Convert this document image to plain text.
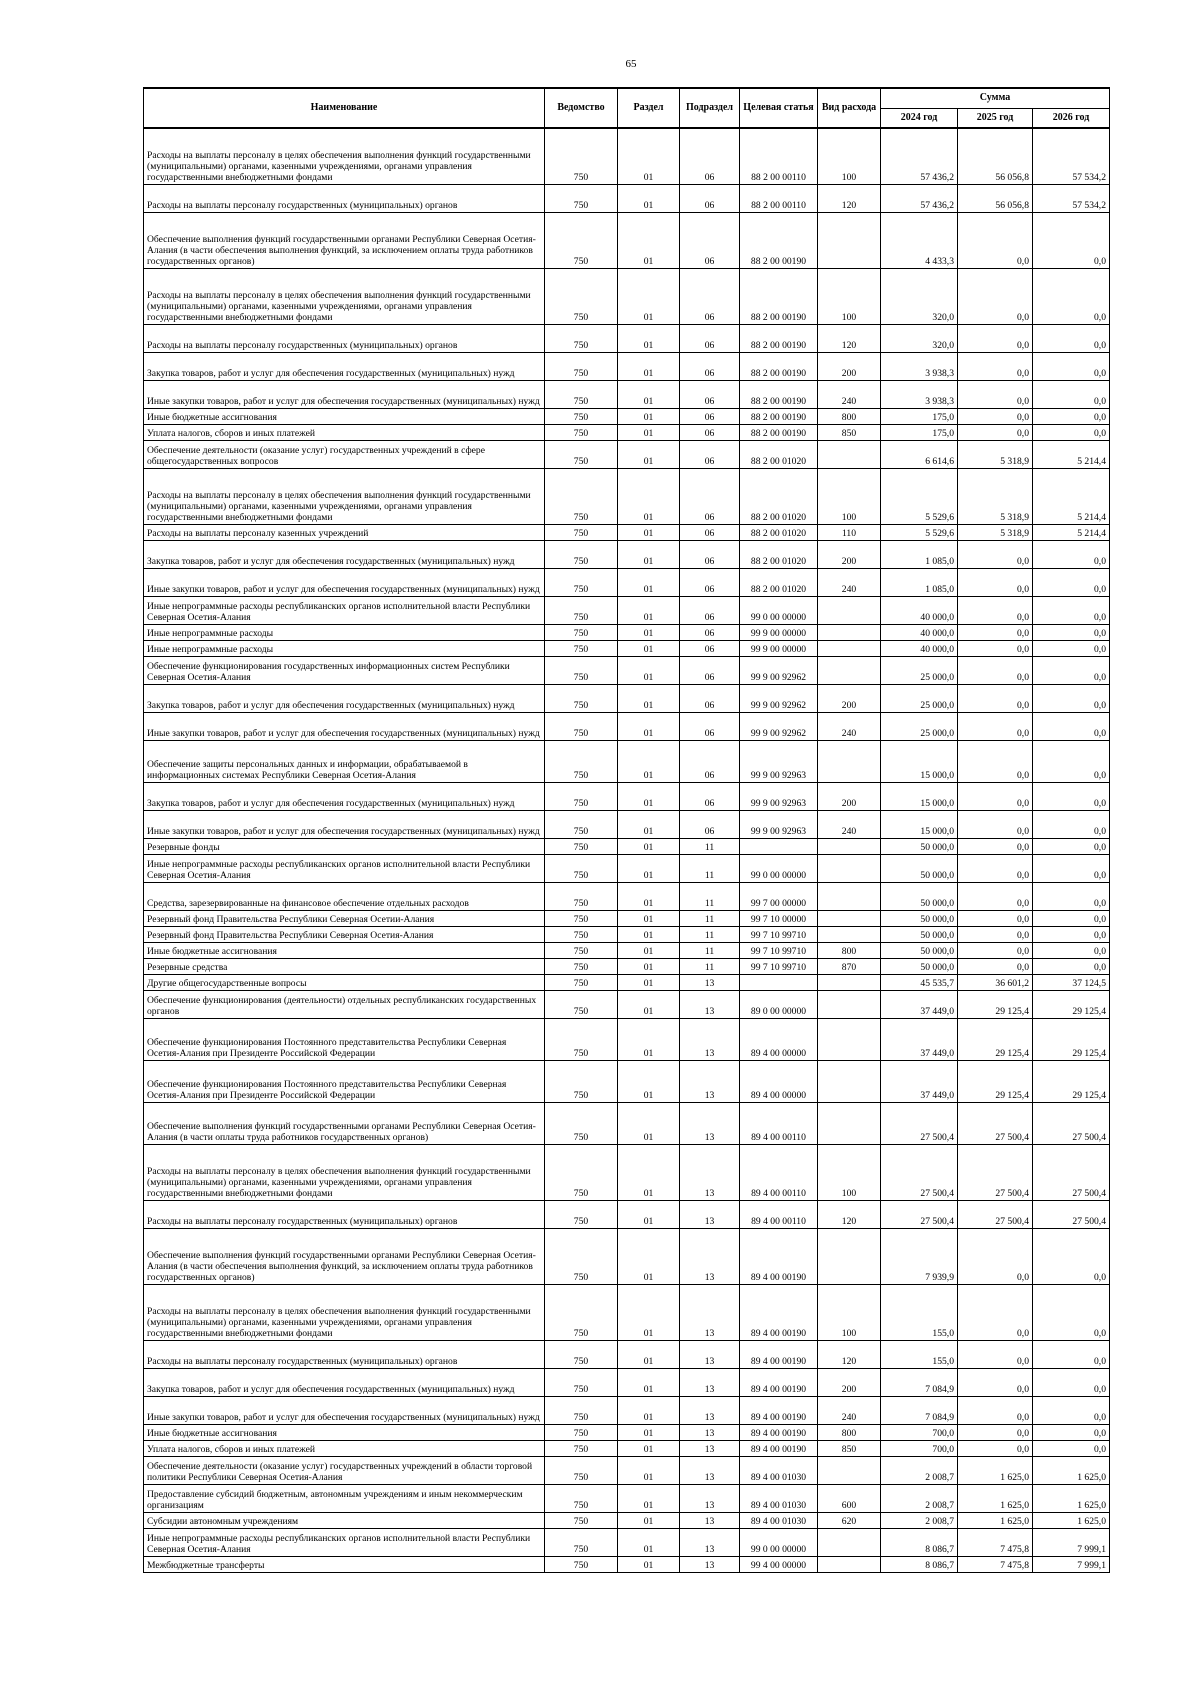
65
Наименование	Ведомство	Раздел	Подраздел	Целевая статья	Вид расхода	Сумма		
						2024 год	2025 год	2026 год
Расходы на выплаты персоналу в целях обеспечения выполнения функций государственными (муниципальными) органами, казенными учреждениями, органами управления государственными внебюджетными фондами	750	01	06	88 2 00 00110	100	57 436,2	56 056,8	57 534,2
Расходы на выплаты персоналу государственных (муниципальных) органов	750	01	06	88 2 00 00110	120	57 436,2	56 056,8	57 534,2
Обеспечение выполнения функций государственными органами Республики Северная Осетия-Алания (в части обеспечения выполнения функций, за исключением оплаты труда работников государственных органов)	750	01	06	88 2 00 00190		4 433,3	0,0	0,0
Расходы на выплаты персоналу в целях обеспечения выполнения функций государственными (муниципальными) органами, казенными учреждениями, органами управления государственными внебюджетными фондами	750	01	06	88 2 00 00190	100	320,0	0,0	0,0
Расходы на выплаты персоналу государственных (муниципальных) органов	750	01	06	88 2 00 00190	120	320,0	0,0	0,0
Закупка товаров, работ и услуг для обеспечения государственных (муниципальных) нужд	750	01	06	88 2 00 00190	200	3 938,3	0,0	0,0
Иные закупки товаров, работ и услуг для обеспечения государственных (муниципальных) нужд	750	01	06	88 2 00 00190	240	3 938,3	0,0	0,0
Иные бюджетные ассигнования	750	01	06	88 2 00 00190	800	175,0	0,0	0,0
Уплата налогов, сборов и иных платежей	750	01	06	88 2 00 00190	850	175,0	0,0	0,0
Обеспечение деятельности (оказание услуг) государственных учреждений в сфере общегосударственных вопросов	750	01	06	88 2 00 01020		6 614,6	5 318,9	5 214,4
Расходы на выплаты персоналу в целях обеспечения выполнения функций государственными (муниципальными) органами, казенными учреждениями, органами управления государственными внебюджетными фондами	750	01	06	88 2 00 01020	100	5 529,6	5 318,9	5 214,4
Расходы на выплаты персоналу казенных учреждений	750	01	06	88 2 00 01020	110	5 529,6	5 318,9	5 214,4
Закупка товаров, работ и услуг для обеспечения государственных (муниципальных) нужд	750	01	06	88 2 00 01020	200	1 085,0	0,0	0,0
Иные закупки товаров, работ и услуг для обеспечения государственных (муниципальных) нужд	750	01	06	88 2 00 01020	240	1 085,0	0,0	0,0
Иные непрограммные расходы республиканских органов исполнительной власти Республики Северная Осетия-Алания	750	01	06	99 0 00 00000		40 000,0	0,0	0,0
Иные непрограммные расходы	750	01	06	99 9 00 00000		40 000,0	0,0	0,0
Иные непрограммные расходы	750	01	06	99 9 00 00000		40 000,0	0,0	0,0
Обеспечение функционирования государственных информационных систем Республики Северная Осетия-Алания	750	01	06	99 9 00 92962		25 000,0	0,0	0,0
Закупка товаров, работ и услуг для обеспечения государственных (муниципальных) нужд	750	01	06	99 9 00 92962	200	25 000,0	0,0	0,0
Иные закупки товаров, работ и услуг для обеспечения государственных (муниципальных) нужд	750	01	06	99 9 00 92962	240	25 000,0	0,0	0,0
Обеспечение защиты персональных данных и информации, обрабатываемой в информационных системах Республики Северная Осетия-Алания	750	01	06	99 9 00 92963		15 000,0	0,0	0,0
Закупка товаров, работ и услуг для обеспечения государственных (муниципальных) нужд	750	01	06	99 9 00 92963	200	15 000,0	0,0	0,0
Иные закупки товаров, работ и услуг для обеспечения государственных (муниципальных) нужд	750	01	06	99 9 00 92963	240	15 000,0	0,0	0,0
Резервные фонды	750	01	11			50 000,0	0,0	0,0
Иные непрограммные расходы республиканских органов исполнительной власти Республики Северная Осетия-Алания	750	01	11	99 0 00 00000		50 000,0	0,0	0,0
Средства, зарезервированные на финансовое обеспечение отдельных расходов	750	01	11	99 7 00 00000		50 000,0	0,0	0,0
Резервный фонд Правительства Республики Северная Осетии-Алания	750	01	11	99 7 10 00000		50 000,0	0,0	0,0
Резервный фонд Правительства Республики Северная Осетия-Алания	750	01	11	99 7 10 99710		50 000,0	0,0	0,0
Иные бюджетные ассигнования	750	01	11	99 7 10 99710	800	50 000,0	0,0	0,0
Резервные средства	750	01	11	99 7 10 99710	870	50 000,0	0,0	0,0
Другие общегосударственные вопросы	750	01	13			45 535,7	36 601,2	37 124,5
Обеспечение функционирования (деятельности) отдельных республиканских государственных органов	750	01	13	89 0 00 00000		37 449,0	29 125,4	29 125,4
Обеспечение функционирования Постоянного представительства Республики Северная Осетия-Алания при Президенте Российской Федерации	750	01	13	89 4 00 00000		37 449,0	29 125,4	29 125,4
Обеспечение функционирования Постоянного представительства Республики Северная Осетия-Алания при Президенте Российской Федерации	750	01	13	89 4 00 00000		37 449,0	29 125,4	29 125,4
Обеспечение выполнения функций государственными органами Республики Северная Осетия-Алания (в части оплаты труда работников государственных органов)	750	01	13	89 4 00 00110		27 500,4	27 500,4	27 500,4
Расходы на выплаты персоналу в целях обеспечения выполнения функций государственными (муниципальными) органами, казенными учреждениями, органами управления государственными внебюджетными фондами	750	01	13	89 4 00 00110	100	27 500,4	27 500,4	27 500,4
Расходы на выплаты персоналу государственных (муниципальных) органов	750	01	13	89 4 00 00110	120	27 500,4	27 500,4	27 500,4
Обеспечение выполнения функций государственными органами Республики Северная Осетия-Алания (в части обеспечения выполнения функций, за исключением оплаты труда работников государственных органов)	750	01	13	89 4 00 00190		7 939,9	0,0	0,0
Расходы на выплаты персоналу в целях обеспечения выполнения функций государственными (муниципальными) органами, казенными учреждениями, органами управления государственными внебюджетными фондами	750	01	13	89 4 00 00190	100	155,0	0,0	0,0
Расходы на выплаты персоналу государственных (муниципальных) органов	750	01	13	89 4 00 00190	120	155,0	0,0	0,0
Закупка товаров, работ и услуг для обеспечения государственных (муниципальных) нужд	750	01	13	89 4 00 00190	200	7 084,9	0,0	0,0
Иные закупки товаров, работ и услуг для обеспечения государственных (муниципальных) нужд	750	01	13	89 4 00 00190	240	7 084,9	0,0	0,0
Иные бюджетные ассигнования	750	01	13	89 4 00 00190	800	700,0	0,0	0,0
Уплата налогов, сборов и иных платежей	750	01	13	89 4 00 00190	850	700,0	0,0	0,0
Обеспечение деятельности (оказание услуг) государственных учреждений в области торговой политики Республики Северная Осетия-Алания	750	01	13	89 4 00 01030		2 008,7	1 625,0	1 625,0
Предоставление субсидий бюджетным, автономным учреждениям и иным некоммерческим организациям	750	01	13	89 4 00 01030	600	2 008,7	1 625,0	1 625,0
Субсидии автономным учреждениям	750	01	13	89 4 00 01030	620	2 008,7	1 625,0	1 625,0
Иные непрограммные расходы республиканских органов исполнительной власти Республики Северная Осетия-Алания	750	01	13	99 0 00 00000		8 086,7	7 475,8	7 999,1
Межбюджетные трансферты	750	01	13	99 4 00 00000		8 086,7	7 475,8	7 999,1
